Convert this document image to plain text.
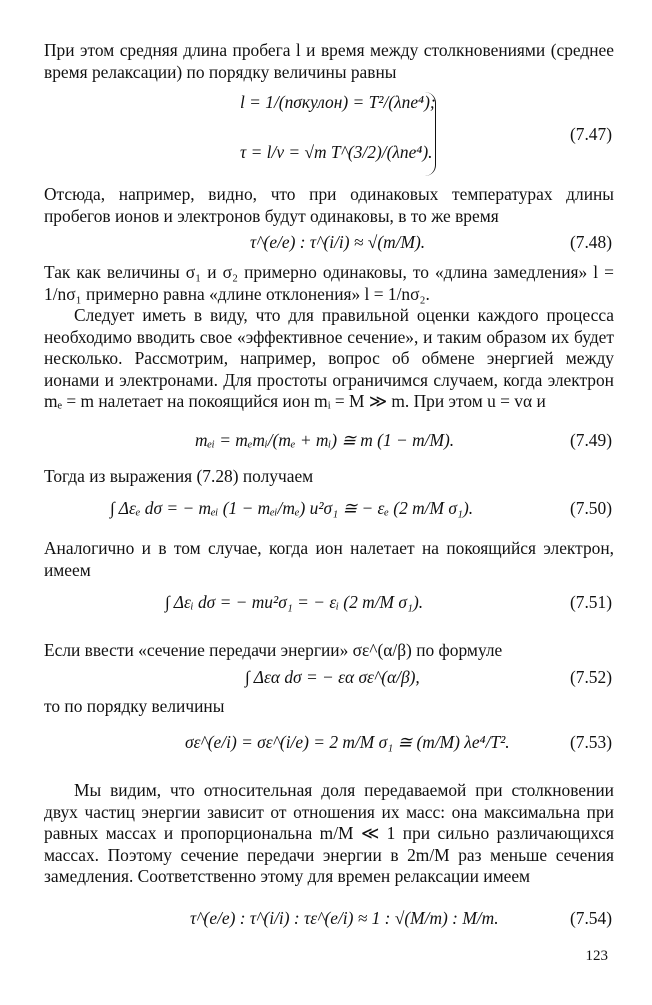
При этом средняя длина пробега l и время между столкновениями (среднее время релаксации) по порядку величины равны
l = 1/(nσкулон) = T²/(λne⁴);
τ = l/v = √m T^(3/2)/(λne⁴).
(7.47)
Отсюда, например, видно, что при одинаковых температурах длины пробегов ионов и электронов будут одинаковы, в то же время
τ^(e/e) : τ^(i/i) ≈ √(m/M).	(7.48)
Так как величины σ₁ и σ₂ примерно одинаковы, то «длина замедления» l = 1/nσ₁ примерно равна «длине отклонения» l = 1/nσ₂.
Следует иметь в виду, что для правильной оценки каждого процесса необходимо вводить свое «эффективное сечение», и таким образом их будет несколько. Рассмотрим, например, вопрос об обмене энергией между ионами и электронами. Для простоты ограничимся случаем, когда электрон mₑ = m налетает на покоящийся ион mᵢ = M ≫ m. При этом u = vα и
mₑᵢ = mₑmᵢ/(mₑ + mᵢ) ≅ m (1 − m/M).	(7.49)
Тогда из выражения (7.28) получаем
∫ Δεₑ dσ = − mₑᵢ (1 − mₑᵢ/mₑ) u²σ₁ ≅ − εₑ (2 m/M σ₁).	(7.50)
Аналогично и в том случае, когда ион налетает на покоящийся электрон, имеем
∫ Δεᵢ dσ = − mu²σ₁ = − εᵢ (2 m/M σ₁).	(7.51)
Если ввести «сечение передачи энергии» σε^(α/β) по формуле
∫ Δεα dσ = − εα σε^(α/β),	(7.52)
то по порядку величины
σε^(e/i) = σε^(i/e) = 2 m/M σ₁ ≅ (m/M) λe⁴/T².	(7.53)
Мы видим, что относительная доля передаваемой при столкновении двух частиц энергии зависит от отношения их масс: она максимальна при равных массах и пропорциональна m/M ≪ 1 при сильно различающихся массах. Поэтому сечение передачи энергии в 2m/M раз меньше сечения замедления. Соответственно этому для времен релаксации имеем
τ^(e/e) : τ^(i/i) : τε^(e/i) ≈ 1 : √(M/m) : M/m.	(7.54)
123
